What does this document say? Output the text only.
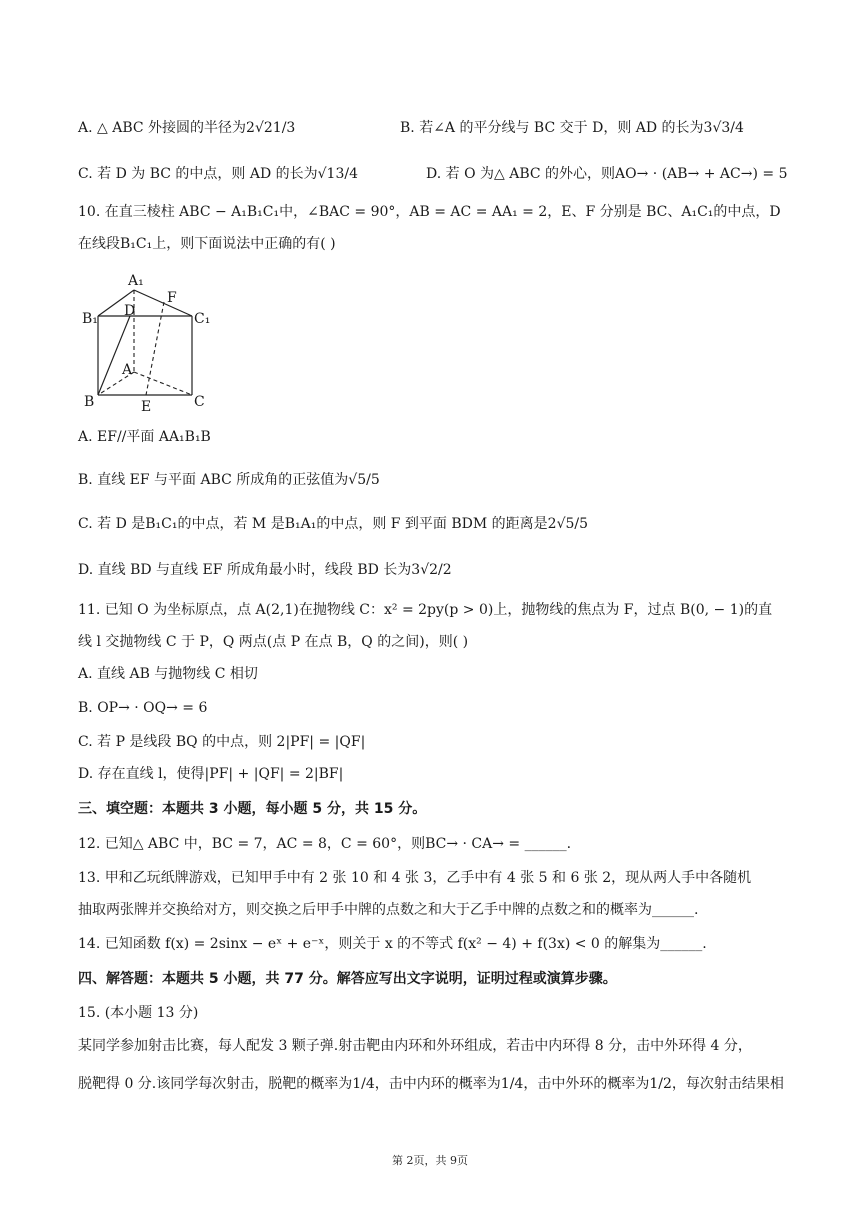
A. △ ABC 外接圆的半径为2√21/3	B. 若∠A 的平分线与 BC 交于 D，则 AD 的长为3√3/4
C. 若 D 为 BC 的中点，则 AD 的长为√13/4	D. 若 O 为△ ABC 的外心，则AO→ · (AB→ + AC→) = 5
10. 在直三棱柱 ABC − A₁B₁C₁中，∠BAC = 90°，AB = AC = AA₁ = 2，E、F 分别是 BC、A₁C₁的中点，D
在线段B₁C₁上，则下面说法中正确的有( )
A₁
B₁	C₁
D
F
A
B	C
E
A. EF//平面 AA₁B₁B
B. 直线 EF 与平面 ABC 所成角的正弦值为√5/5
C. 若 D 是B₁C₁的中点，若 M 是B₁A₁的中点，则 F 到平面 BDM 的距离是2√5/5
D. 直线 BD 与直线 EF 所成角最小时，线段 BD 长为3√2/2
11. 已知 O 为坐标原点，点 A(2,1)在抛物线 C：x² = 2py(p > 0)上，抛物线的焦点为 F，过点 B(0, − 1)的直
线 l 交抛物线 C 于 P，Q 两点(点 P 在点 B，Q 的之间)，则( )
A. 直线 AB 与抛物线 C 相切
B. OP→ · OQ→ = 6
C. 若 P 是线段 BQ 的中点，则 2|PF| = |QF|
D. 存在直线 l，使得|PF| + |QF| = 2|BF|
三、填空题：本题共 3 小题，每小题 5 分，共 15 分。
12. 已知△ ABC 中，BC = 7，AC = 8，C = 60°，则BC→ · CA→ = ______.
13. 甲和乙玩纸牌游戏，已知甲手中有 2 张 10 和 4 张 3，乙手中有 4 张 5 和 6 张 2，现从两人手中各随机
抽取两张牌并交换给对方，则交换之后甲手中牌的点数之和大于乙手中牌的点数之和的概率为______.
14. 已知函数 f(x) = 2sinx − eˣ + e⁻ˣ，则关于 x 的不等式 f(x² − 4) + f(3x) < 0 的解集为______.
四、解答题：本题共 5 小题，共 77 分。解答应写出文字说明，证明过程或演算步骤。
15. (本小题 13 分)
某同学参加射击比赛，每人配发 3 颗子弹.射击靶由内环和外环组成，若击中内环得 8 分，击中外环得 4 分，
脱靶得 0 分.该同学每次射击，脱靶的概率为1/4，击中内环的概率为1/4，击中外环的概率为1/2，每次射击结果相
第 2页，共 9页
